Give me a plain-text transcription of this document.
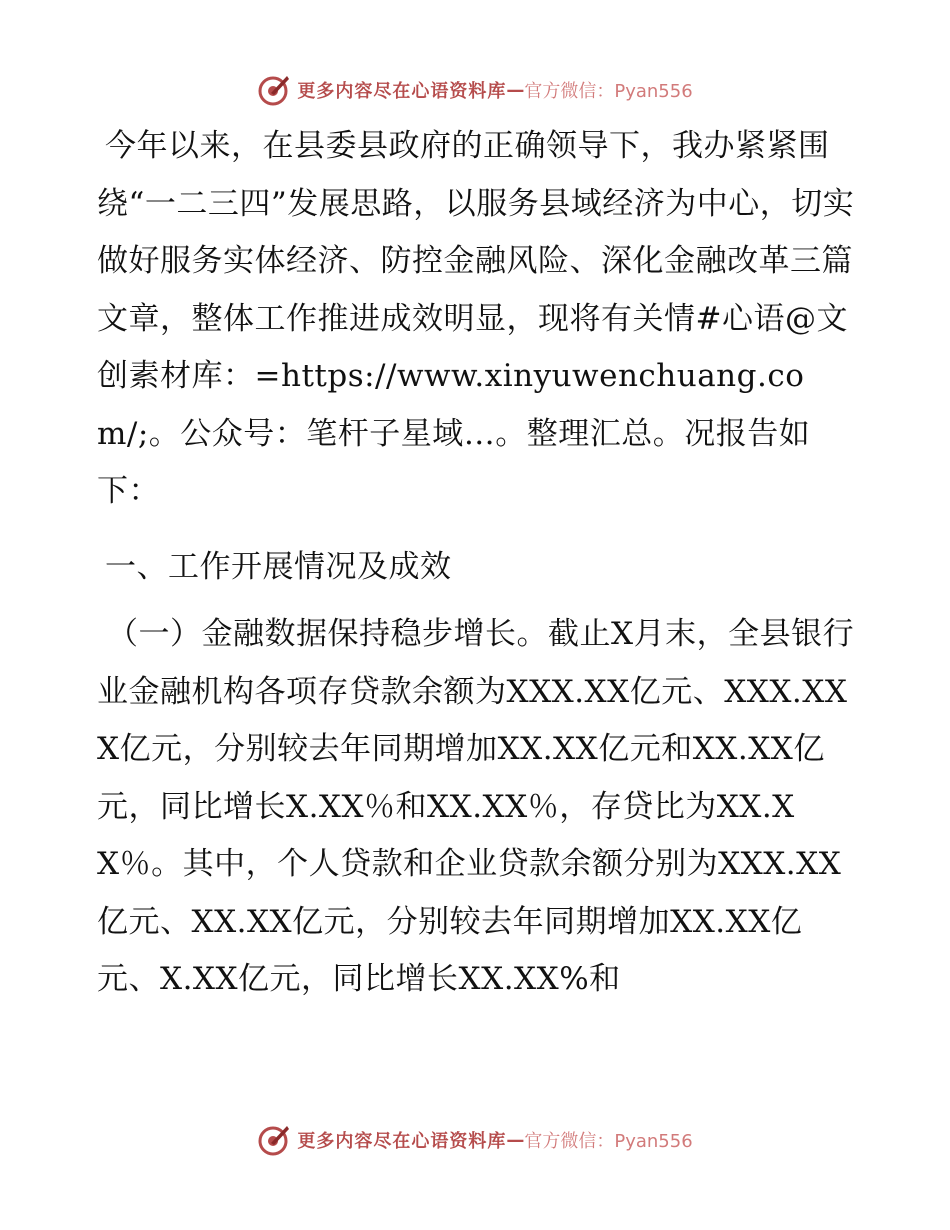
更多内容尽在心语资料库 — 官方微信：Pyan556

今年以来，在县委县政府的正确领导下，我办紧紧围绕“一二三四”发展思路，以服务县域经济为中心，切实做好服务实体经济、防控金融风险、深化金融改革三篇文章，整体工作推进成效明显，现将有关情#心语@文创素材库：=https://www.xinyuwenchuang.com/;。公众号：笔杆子星域…。整理汇总。况报告如下：

一、工作开展情况及成效

（一）金融数据保持稳步增长。截止X月末，全县银行业金融机构各项存贷款余额为XXX.XX亿元、XXX.XXX亿元，分别较去年同期增加XX.XX亿元和XX.XX亿元，同比增长X.XX％和XX.XX％，存贷比为XX.XX％。其中，个人贷款和企业贷款余额分别为XXX.XX亿元、XX.XX亿元，分别较去年同期增加XX.XX亿元、X.XX亿元，同比增长XX.XX%和

更多内容尽在心语资料库 — 官方微信：Pyan556
